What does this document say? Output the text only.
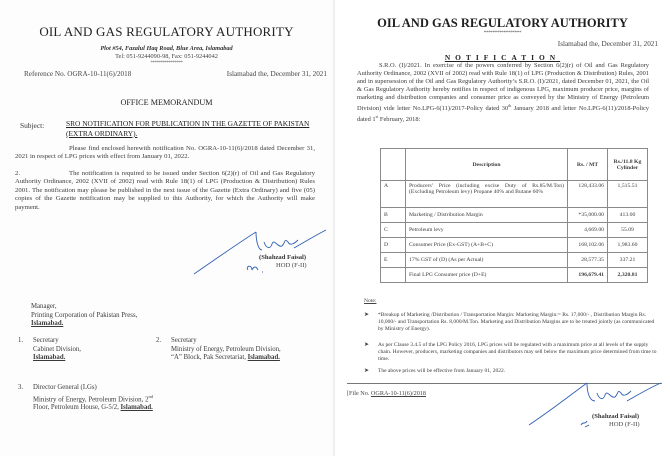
OIL AND GAS REGULATORY AUTHORITY
Plot #54, Fazalul Haq Road, Blue Area, Islamabad
Tel: 051-9244090-98, Fax: 051-9244042
****************
Reference No. OGRA-10-11(6)/2018	Islamabad the, December 31, 2021
OFFICE MEMORANDUM
Subject:	SRO NOTIFICATION FOR PUBLICATION IN THE GAZETTE OF PAKISTAN (EXTRA ORDINARY).
Please find enclosed herewith notification No. OGRA-10-11(6)/2018 dated December 31, 2021 in respect of LPG prices with effect from January 01, 2022.
2.	The notification is required to be issued under Section 6(2)(r) of Oil and Gas Regulatory Authority Ordinance, 2002 (XVII of 2002) read with Rule 18(1) of LPG (Production & Distribution) Rules 2001. The notification may please be published in the next issue of the Gazette (Extra Ordinary) and five (05) copies of the Gazette notification may be supplied to this Authority, for which the Authority will make payment.
(Shahzad Faisal)
HOD (F-II)
Manager,
Printing Corporation of Pakistan Press,
Islamabad.
1. Secretary
Cabinet Division,
Islamabad.
2. Secretary
Ministry of Energy, Petroleum Division, “A” Block, Pak Secretariat, Islamabad.
3. Director General (LGs)
Ministry of Energy, Petroleum Division, 2nd Floor, Petroleum House, G-5/2, Islamabad.
OIL AND GAS REGULATORY AUTHORITY
*****************
Islamabad the, December 31, 2021
NOTIFICATION
S.R.O. (I)/2021. In exercise of the powers conferred by Section 6(2)(r) of Oil and Gas Regulatory Authority Ordinance, 2002 (XVII of 2002) read with Rule 18(1) of LPG (Production & Distribution) Rules, 2001 and in supersession of the Oil and Gas Regulatory Authority’s S.R.O. (I)/2021, dated December 01, 2021, the Oil & Gas Regulatory Authority hereby notifies in respect of indigenous LPG, maximum producer price, margins of marketing and distribution companies and consumer price as conveyed by the Ministry of Energy (Petroleum Division) vide letter No.LPG-6(11)/2017-Policy dated 30th January 2018 and letter No.LPG-6(11)/2018-Policy dated 1st February, 2018:
	Description	Rs. / MT	Rs./11.8 Kg Cylinder
A	Producers’ Price (including excise Duty of Rs.85/M.Ton) (Excluding Petroleum levy) Propane 40% and Butane 60%	128,433.06	1,515.51
B	Marketing / Distribution Margin	*35,000.00	413.00
C	Petroleum levy	4,669.00	55.09
D	Consumer Price (Ex-GST) (A+B+C)	168,102.06	1,983.60
E	17% GST of (D) (As per Actual)	28,577.35	337.21
	Final LPG Consumer price (D+E)	196,679.41	2,320.81
Note:
➤ *Breakup of Marketing /Distribution / Transportation Margin: Marketing Margin:= Rs. 17,000/- , Distribution Margin Rs. 10,000/- and Transportation Rs. 8,000/M.Ton. Marketing and Distribution Margins are to be treated jointly (as communicated by Ministry of Energy).
➤ As per Clause 3.4.5 of the LPG Policy 2016, LPG prices will be regulated with a maximum price at all levels of the supply chain. However, producers, marketing companies and distributors may sell below the maximum price determined from time to time.
➤ The above prices will be effective from January 01, 2022.
[File No. OGRA-10-11(6)/2018
(Shahzad Faisal)
HOD (F-II)
